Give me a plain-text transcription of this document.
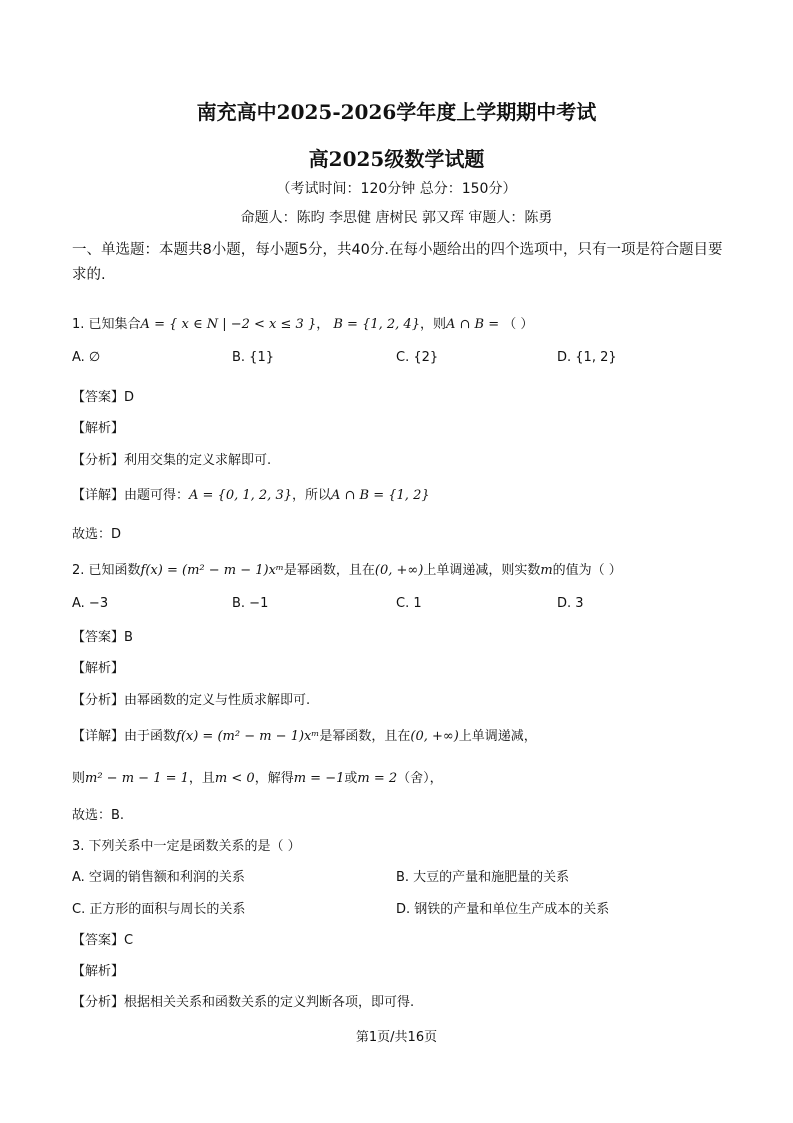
南充高中2025-2026学年度上学期期中考试
高2025级数学试题
（考试时间：120分钟 总分：150分）
命题人：陈昀 李思健 唐树民 郭又珲 审题人：陈勇
一、单选题：本题共8小题，每小题5分，共40分.在每小题给出的四个选项中，只有一项是符合题目要求的.
1. 已知集合A = { x ∈ N | −2 < x ≤ 3 }， B = {1, 2, 4}，则A ∩ B = （ ）
A. ∅	B. {1}	C. {2}	D. {1, 2}
【答案】D
【解析】
【分析】利用交集的定义求解即可.
【详解】由题可得：A = {0, 1, 2, 3}，所以A ∩ B = {1, 2}
故选：D
2. 已知函数f(x) = (m² − m − 1)xᵐ是幂函数，且在(0, +∞)上单调递减，则实数m的值为（ ）
A. −3	B. −1	C. 1	D. 3
【答案】B
【解析】
【分析】由幂函数的定义与性质求解即可.
【详解】由于函数f(x) = (m² − m − 1)xᵐ是幂函数，且在(0, +∞)上单调递减，
则m² − m − 1 = 1，且m < 0，解得m = −1或m = 2（舍），
故选：B.
3. 下列关系中一定是函数关系的是（ ）
A. 空调的销售额和利润的关系	B. 大豆的产量和施肥量的关系
C. 正方形的面积与周长的关系	D. 钢铁的产量和单位生产成本的关系
【答案】C
【解析】
【分析】根据相关关系和函数关系的定义判断各项，即可得.
第1页/共16页
